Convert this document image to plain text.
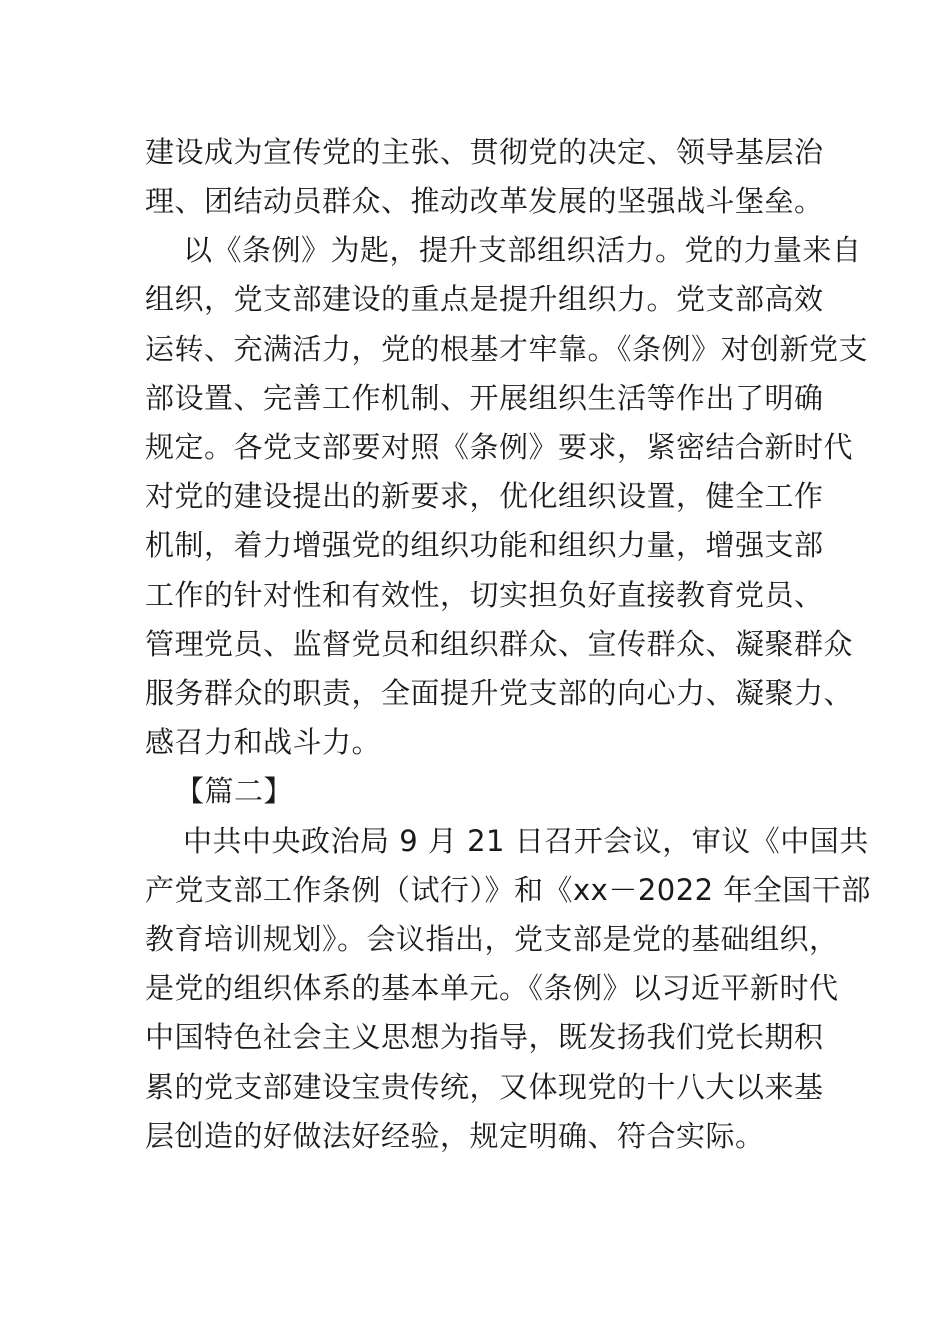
建设成为宣传党的主张、贯彻党的决定、领导基层治
理、团结动员群众、推动改革发展的坚强战斗堡垒。
以《条例》为匙，提升支部组织活力。党的力量来自
组织，党支部建设的重点是提升组织力。党支部高效
运转、充满活力，党的根基才牢靠。《条例》对创新党支
部设置、完善工作机制、开展组织生活等作出了明确
规定。各党支部要对照《条例》要求，紧密结合新时代
对党的建设提出的新要求，优化组织设置，健全工作
机制，着力增强党的组织功能和组织力量，增强支部
工作的针对性和有效性，切实担负好直接教育党员、
管理党员、监督党员和组织群众、宣传群众、凝聚群众
服务群众的职责，全面提升党支部的向心力、凝聚力、
感召力和战斗力。
【篇二】
中共中央政治局 9 月 21 日召开会议，审议《中国共
产党支部工作条例（试行）》和《xx－2022 年全国干部
教育培训规划》。会议指出，党支部是党的基础组织，
是党的组织体系的基本单元。《条例》以习近平新时代
中国特色社会主义思想为指导，既发扬我们党长期积
累的党支部建设宝贵传统，又体现党的十八大以来基
层创造的好做法好经验，规定明确、符合实际。
